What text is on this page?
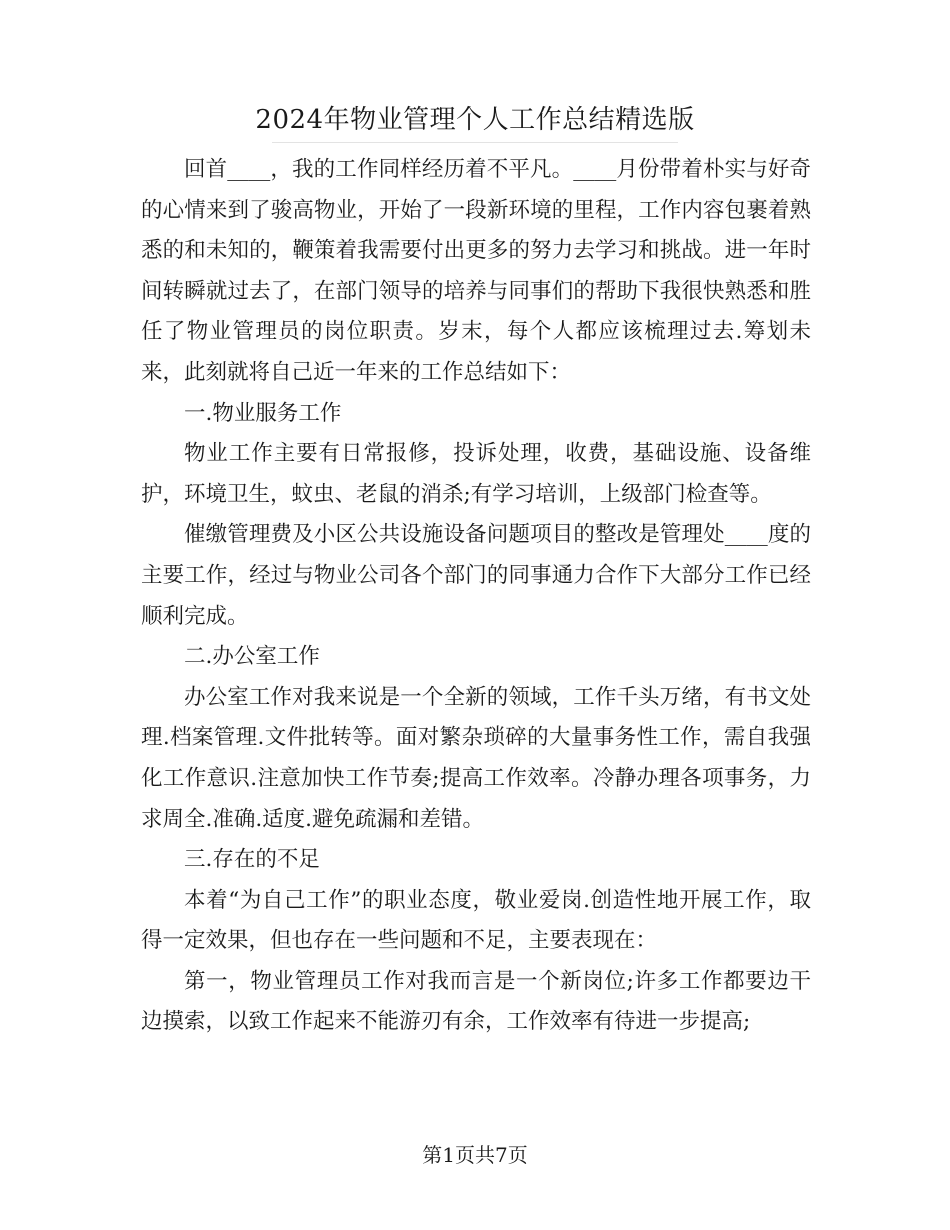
2024年物业管理个人工作总结精选版

回首____，我的工作同样经历着不平凡。____月份带着朴实与好奇的心情来到了骏高物业，开始了一段新环境的里程，工作内容包裹着熟悉的和未知的，鞭策着我需要付出更多的努力去学习和挑战。进一年时间转瞬就过去了，在部门领导的培养与同事们的帮助下我很快熟悉和胜任了物业管理员的岗位职责。岁末，每个人都应该梳理过去.筹划未来，此刻就将自己近一年来的工作总结如下：

一.物业服务工作

物业工作主要有日常报修，投诉处理，收费，基础设施、设备维护，环境卫生，蚊虫、老鼠的消杀;有学习培训，上级部门检查等。

催缴管理费及小区公共设施设备问题项目的整改是管理处____度的主要工作，经过与物业公司各个部门的同事通力合作下大部分工作已经顺利完成。

二.办公室工作

办公室工作对我来说是一个全新的领域，工作千头万绪，有书文处理.档案管理.文件批转等。面对繁杂琐碎的大量事务性工作，需自我强化工作意识.注意加快工作节奏;提高工作效率。冷静办理各项事务，力求周全.准确.适度.避免疏漏和差错。

三.存在的不足

本着“为自己工作”的职业态度，敬业爱岗.创造性地开展工作，取得一定效果，但也存在一些问题和不足，主要表现在：

第一，物业管理员工作对我而言是一个新岗位;许多工作都要边干边摸索，以致工作起来不能游刃有余，工作效率有待进一步提高;

第1页共7页
